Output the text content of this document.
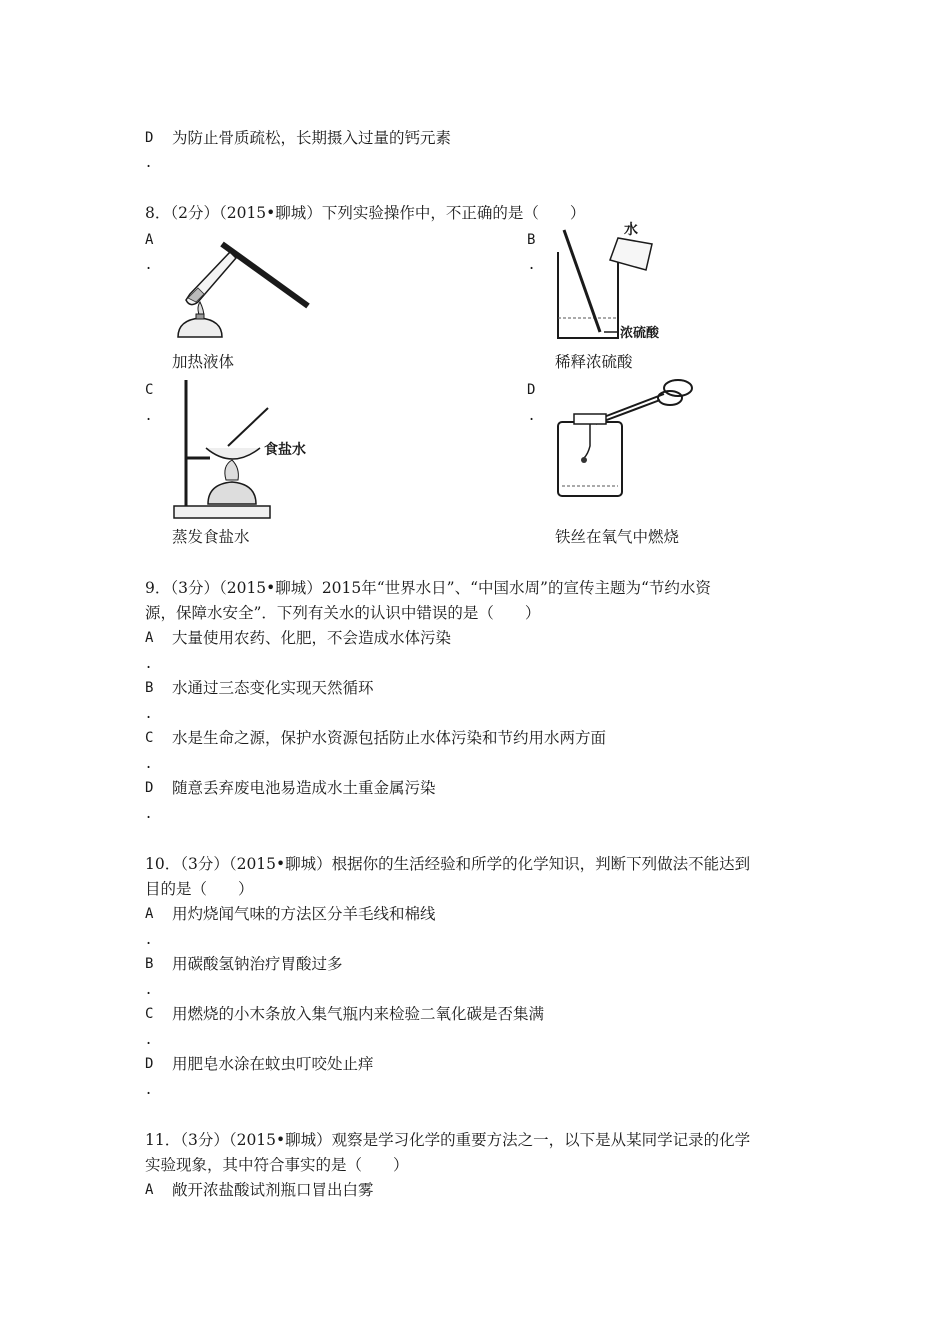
D 为防止骨质疏松，长期摄入过量的钙元素
.
8．（2分）（2015•聊城）下列实验操作中，不正确的是（　　）
A
.
加热液体
B
.
水
浓硫酸
稀释浓硫酸
C
.
食盐水
蒸发食盐水
D
.
铁丝在氧气中燃烧
9．（3分）（2015•聊城）2015年“世界水日”、“中国水周”的宣传主题为“节约水资
源，保障水安全”．下列有关水的认识中错误的是（　　）
A 大量使用农药、化肥，不会造成水体污染
.
B 水通过三态变化实现天然循环
.
C 水是生命之源，保护水资源包括防止水体污染和节约用水两方面
.
D 随意丢弃废电池易造成水土重金属污染
.
10．（3分）（2015•聊城）根据你的生活经验和所学的化学知识，判断下列做法不能达到
目的是（　　）
A 用灼烧闻气味的方法区分羊毛线和棉线
.
B 用碳酸氢钠治疗胃酸过多
.
C 用燃烧的小木条放入集气瓶内来检验二氧化碳是否集满
.
D 用肥皂水涂在蚊虫叮咬处止痒
.
11．（3分）（2015•聊城）观察是学习化学的重要方法之一，以下是从某同学记录的化学
实验现象，其中符合事实的是（　　）
A 敞开浓盐酸试剂瓶口冒出白雾
